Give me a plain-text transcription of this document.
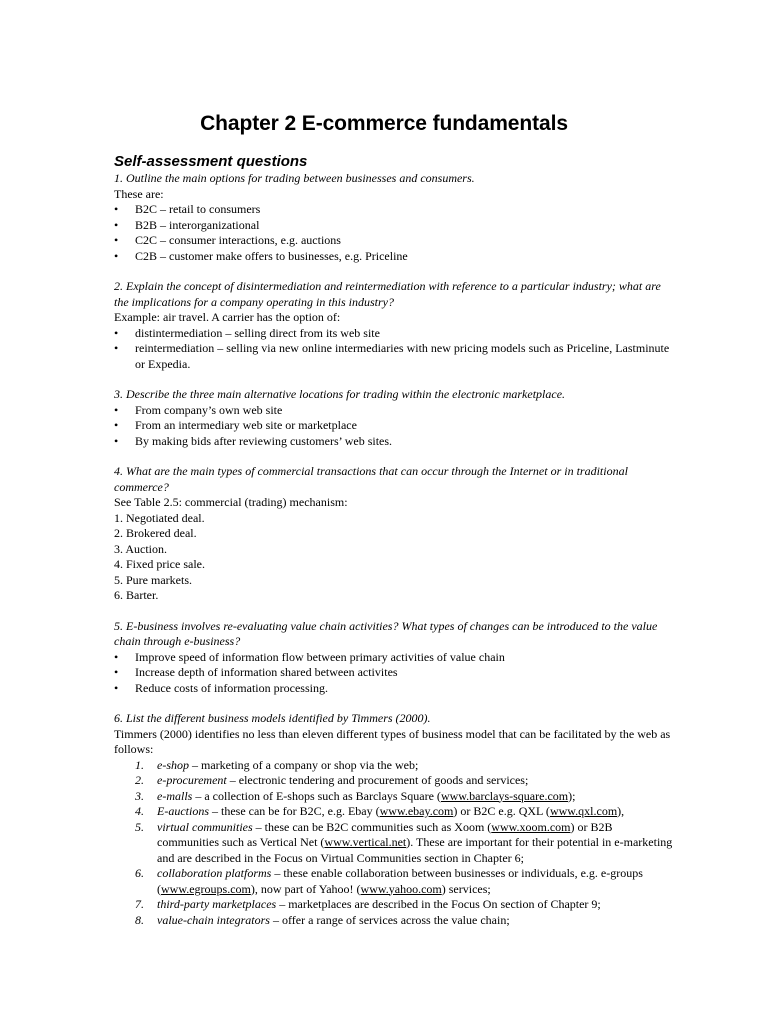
Chapter 2 E-commerce fundamentals
Self-assessment questions

1. Outline the main options for trading between businesses and consumers.

These are:

• B2C – retail to consumers
• B2B – interorganizational
• C2C – consumer interactions, e.g. auctions
• C2B – customer make offers to businesses, e.g. Priceline

2. Explain the concept of disintermediation and reintermediation with reference to a particular industry; what are the implications for a company operating in this industry?

Example: air travel. A carrier has the option of:

• distintermediation – selling direct from its web site
• reintermediation – selling via new online intermediaries with new pricing models such as Priceline, Lastminute or Expedia.

3. Describe the three main alternative locations for trading within the electronic marketplace.

• From company’s own web site
• From an intermediary web site or marketplace
• By making bids after reviewing customers’ web sites.

4. What are the main types of commercial transactions that can occur through the Internet or in traditional commerce?

See Table 2.5: commercial (trading) mechanism:

1. Negotiated deal.

2. Brokered deal.

3. Auction.

4. Fixed price sale.

5. Pure markets.

6. Barter.

5. E-business involves re-evaluating value chain activities? What types of changes can be introduced to the value chain through e-business?

• Improve speed of information flow between primary activities of value chain
• Increase depth of information shared between activites
• Reduce costs of information processing.

6. List the different business models identified by Timmers (2000).

Timmers (2000) identifies no less than eleven different types of business model that can be facilitated by the web as follows:

1. e-shop – marketing of a company or shop via the web;
2. e-procurement – electronic tendering and procurement of goods and services;
3. e-malls – a collection of E-shops such as Barclays Square (www.barclays-square.com);
4. E-auctions – these can be for B2C, e.g. Ebay (www.ebay.com) or B2C e.g. QXL (www.qxl.com),
5. virtual communities – these can be B2C communities such as Xoom (www.xoom.com) or B2B communities such as Vertical Net (www.vertical.net). These are important for their potential in e-marketing and are described in the Focus on Virtual Communities section in Chapter 6;
6. collaboration platforms – these enable collaboration between businesses or individuals, e.g. e-groups (www.egroups.com), now part of Yahoo! (www.yahoo.com) services;
7. third-party marketplaces – marketplaces are described in the Focus On section of Chapter 9;
8. value-chain integrators – offer a range of services across the value chain;
